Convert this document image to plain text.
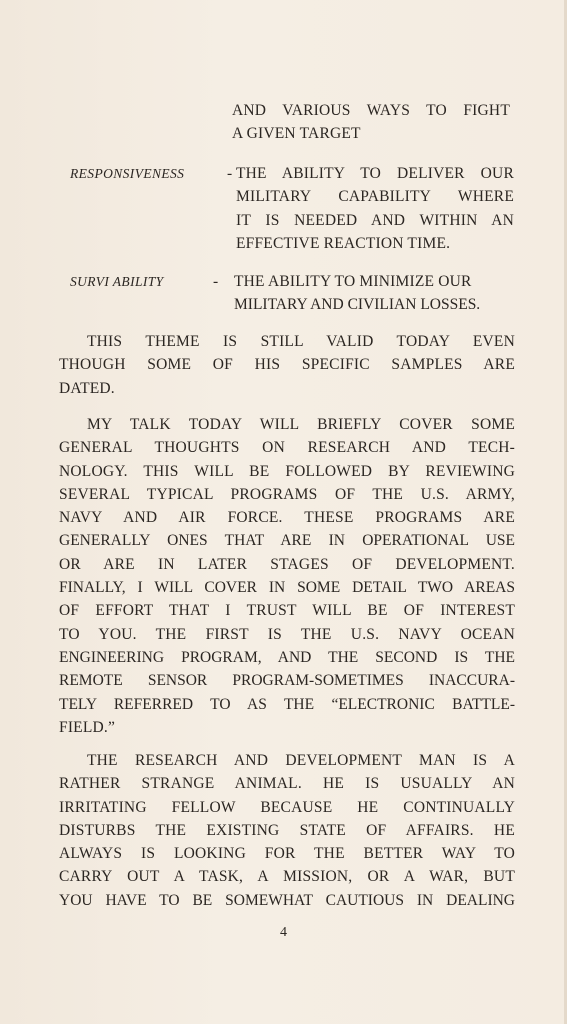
AND VARIOUS WAYS TO FIGHT
A GIVEN TARGET
RESPONSIVENESS	- THE ABILITY TO DELIVER OUR
MILITARY CAPABILITY WHERE
IT IS NEEDED AND WITHIN AN
EFFECTIVE REACTION TIME.
SURVI ABILITY	- THE ABILITY TO MINIMIZE OUR
MILITARY AND CIVILIAN LOSSES.
THIS THEME IS STILL VALID TODAY EVEN
THOUGH SOME OF HIS SPECIFIC SAMPLES ARE
DATED.
MY TALK TODAY WILL BRIEFLY COVER SOME
GENERAL THOUGHTS ON RESEARCH AND TECH-
NOLOGY. THIS WILL BE FOLLOWED BY REVIEWING
SEVERAL TYPICAL PROGRAMS OF THE U.S. ARMY,
NAVY AND AIR FORCE. THESE PROGRAMS ARE
GENERALLY ONES THAT ARE IN OPERATIONAL USE
OR ARE IN LATER STAGES OF DEVELOPMENT.
FINALLY, I WILL COVER IN SOME DETAIL TWO AREAS
OF EFFORT THAT I TRUST WILL BE OF INTEREST
TO YOU. THE FIRST IS THE U.S. NAVY OCEAN
ENGINEERING PROGRAM, AND THE SECOND IS THE
REMOTE SENSOR PROGRAM-SOMETIMES INACCURA-
TELY REFERRED TO AS THE “ELECTRONIC BATTLE-
FIELD.”
THE RESEARCH AND DEVELOPMENT MAN IS A
RATHER STRANGE ANIMAL. HE IS USUALLY AN
IRRITATING FELLOW BECAUSE HE CONTINUALLY
DISTURBS THE EXISTING STATE OF AFFAIRS. HE
ALWAYS IS LOOKING FOR THE BETTER WAY TO
CARRY OUT A TASK, A MISSION, OR A WAR, BUT
YOU HAVE TO BE SOMEWHAT CAUTIOUS IN DEALING
4
